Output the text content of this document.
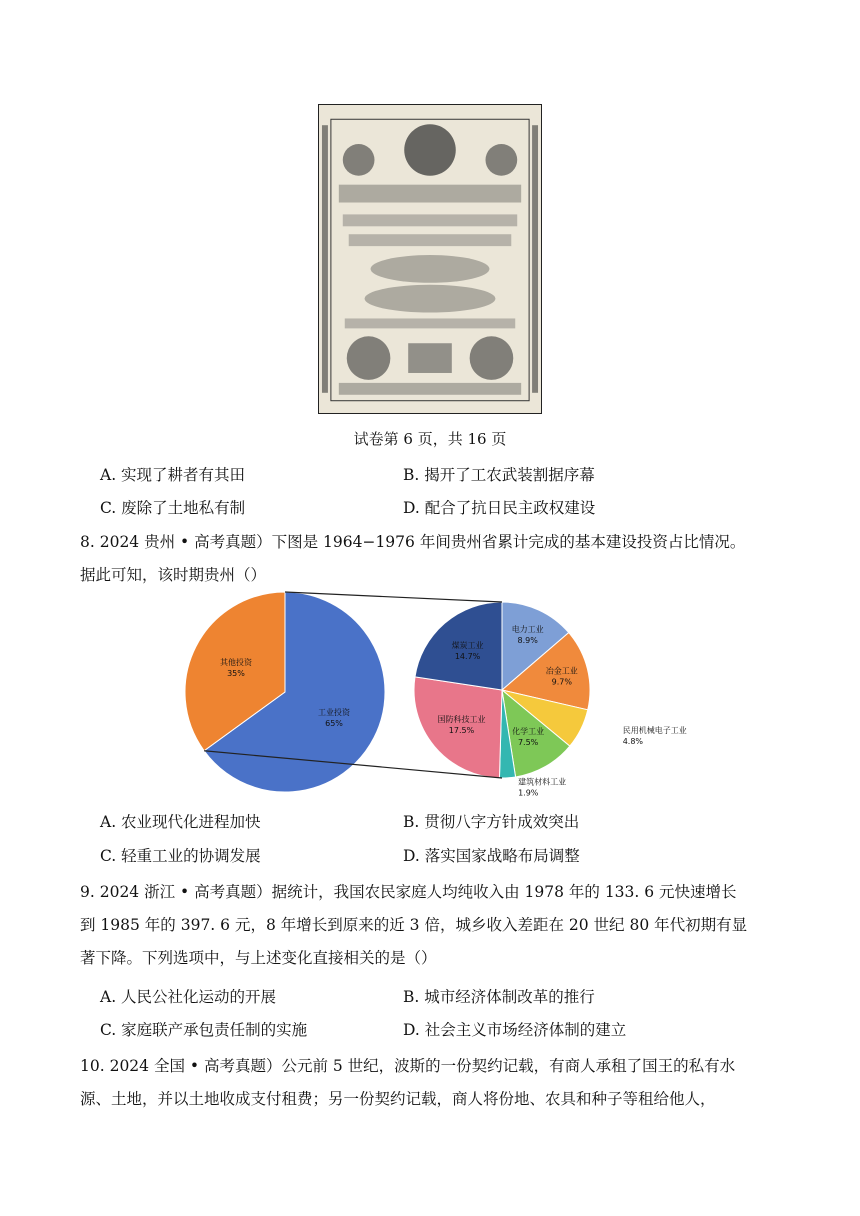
试卷第 6 页，共 16 页
A. 实现了耕者有其田	B. 揭开了工农武装割据序幕
C. 废除了土地私有制	D. 配合了抗日民主政权建设
8. 2024 贵州 • 高考真题）下图是 1964−1976 年间贵州省累计完成的基本建设投资占比情况。
据此可知，该时期贵州（）
工业投资
65%
其他投资
35%
电力工业
8.9%
冶金工业
9.7%
民用机械电子工业
4.8%
化学工业
7.5%
建筑材料工业
1.9%
国防科技工业
17.5%
煤炭工业
14.7%
A. 农业现代化进程加快	B. 贯彻八字方针成效突出
C. 轻重工业的协调发展	D. 落实国家战略布局调整
9. 2024 浙江 • 高考真题）据统计，我国农民家庭人均纯收入由 1978 年的 133. 6 元快速增长
到 1985 年的 397. 6 元，8 年增长到原来的近 3 倍，城乡收入差距在 20 世纪 80 年代初期有显
著下降。下列选项中，与上述变化直接相关的是（）
A. 人民公社化运动的开展	B. 城市经济体制改革的推行
C. 家庭联产承包责任制的实施	D. 社会主义市场经济体制的建立
10. 2024 全国 • 高考真题）公元前 5 世纪，波斯的一份契约记载，有商人承租了国王的私有水
源、土地，并以土地收成支付租费；另一份契约记载，商人将份地、农具和种子等租给他人，
